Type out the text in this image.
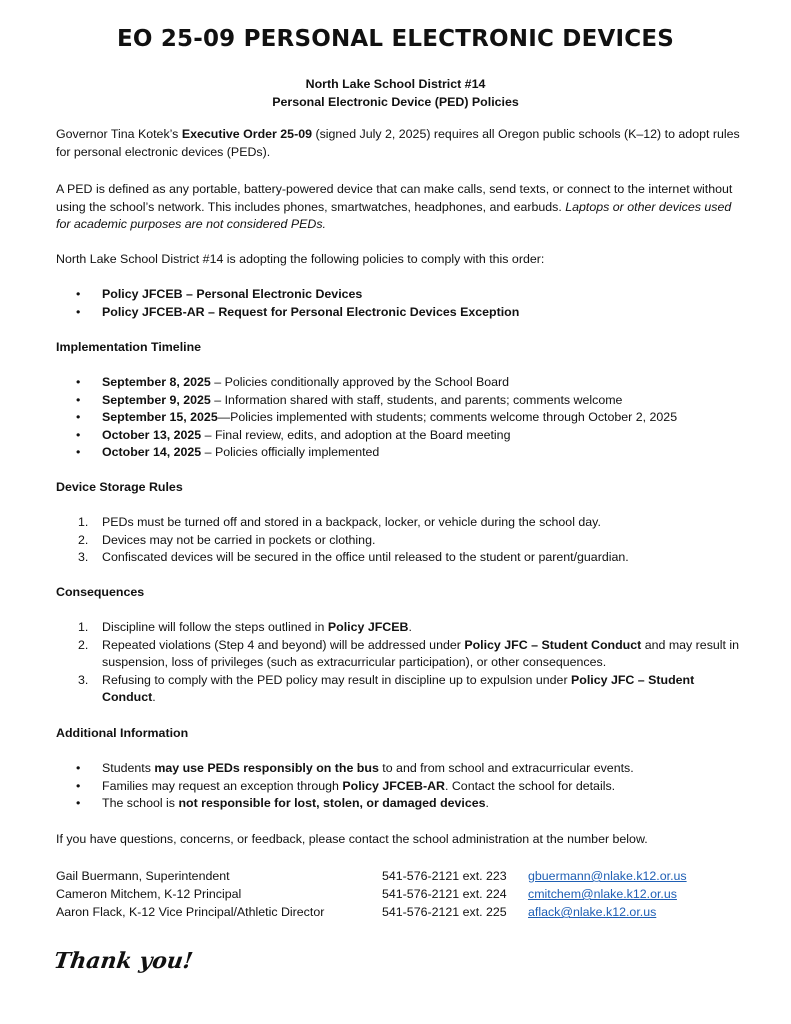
EO 25-09 PERSONAL ELECTRONIC DEVICES
North Lake School District #14
Personal Electronic Device (PED) Policies

Governor Tina Kotek’s Executive Order 25-09 (signed July 2, 2025) requires all Oregon public schools (K–12) to adopt rules for personal electronic devices (PEDs).

A PED is defined as any portable, battery-powered device that can make calls, send texts, or connect to the internet without using the school’s network. This includes phones, smartwatches, headphones, and earbuds. Laptops or other devices used for academic purposes are not considered PEDs.

North Lake School District #14 is adopting the following policies to comply with this order:

• Policy JFCEB – Personal Electronic Devices
• Policy JFCEB-AR – Request for Personal Electronic Devices Exception
Implementation Timeline
• September 8, 2025 – Policies conditionally approved by the School Board
• September 9, 2025 – Information shared with staff, students, and parents; comments welcome
• September 15, 2025—Policies implemented with students; comments welcome through October 2, 2025
• October 13, 2025 – Final review, edits, and adoption at the Board meeting
• October 14, 2025 – Policies officially implemented
Device Storage Rules
1. PEDs must be turned off and stored in a backpack, locker, or vehicle during the school day.
2. Devices may not be carried in pockets or clothing.
3. Confiscated devices will be secured in the office until released to the student or parent/guardian.
Consequences
1. Discipline will follow the steps outlined in Policy JFCEB.
2. Repeated violations (Step 4 and beyond) will be addressed under Policy JFC – Student Conduct and may result in suspension, loss of privileges (such as extracurricular participation), or other consequences.
3. Refusing to comply with the PED policy may result in discipline up to expulsion under Policy JFC – Student Conduct.
Additional Information
• Students may use PEDs responsibly on the bus to and from school and extracurricular events.
• Families may request an exception through Policy JFCEB-AR. Contact the school for details.
• The school is not responsible for lost, stolen, or damaged devices.

If you have questions, concerns, or feedback, please contact the school administration at the number below.

Gail Buermann, Superintendent	541-576-2121 ext. 223 gbuermann@nlake.k12.or.us
Cameron Mitchem, K-12 Principal	541-576-2121 ext. 224 cmitchem@nlake.k12.or.us
Aaron Flack, K-12 Vice Principal/Athletic Director	541-576-2121 ext. 225 aflack@nlake.k12.or.us
Thank you!
